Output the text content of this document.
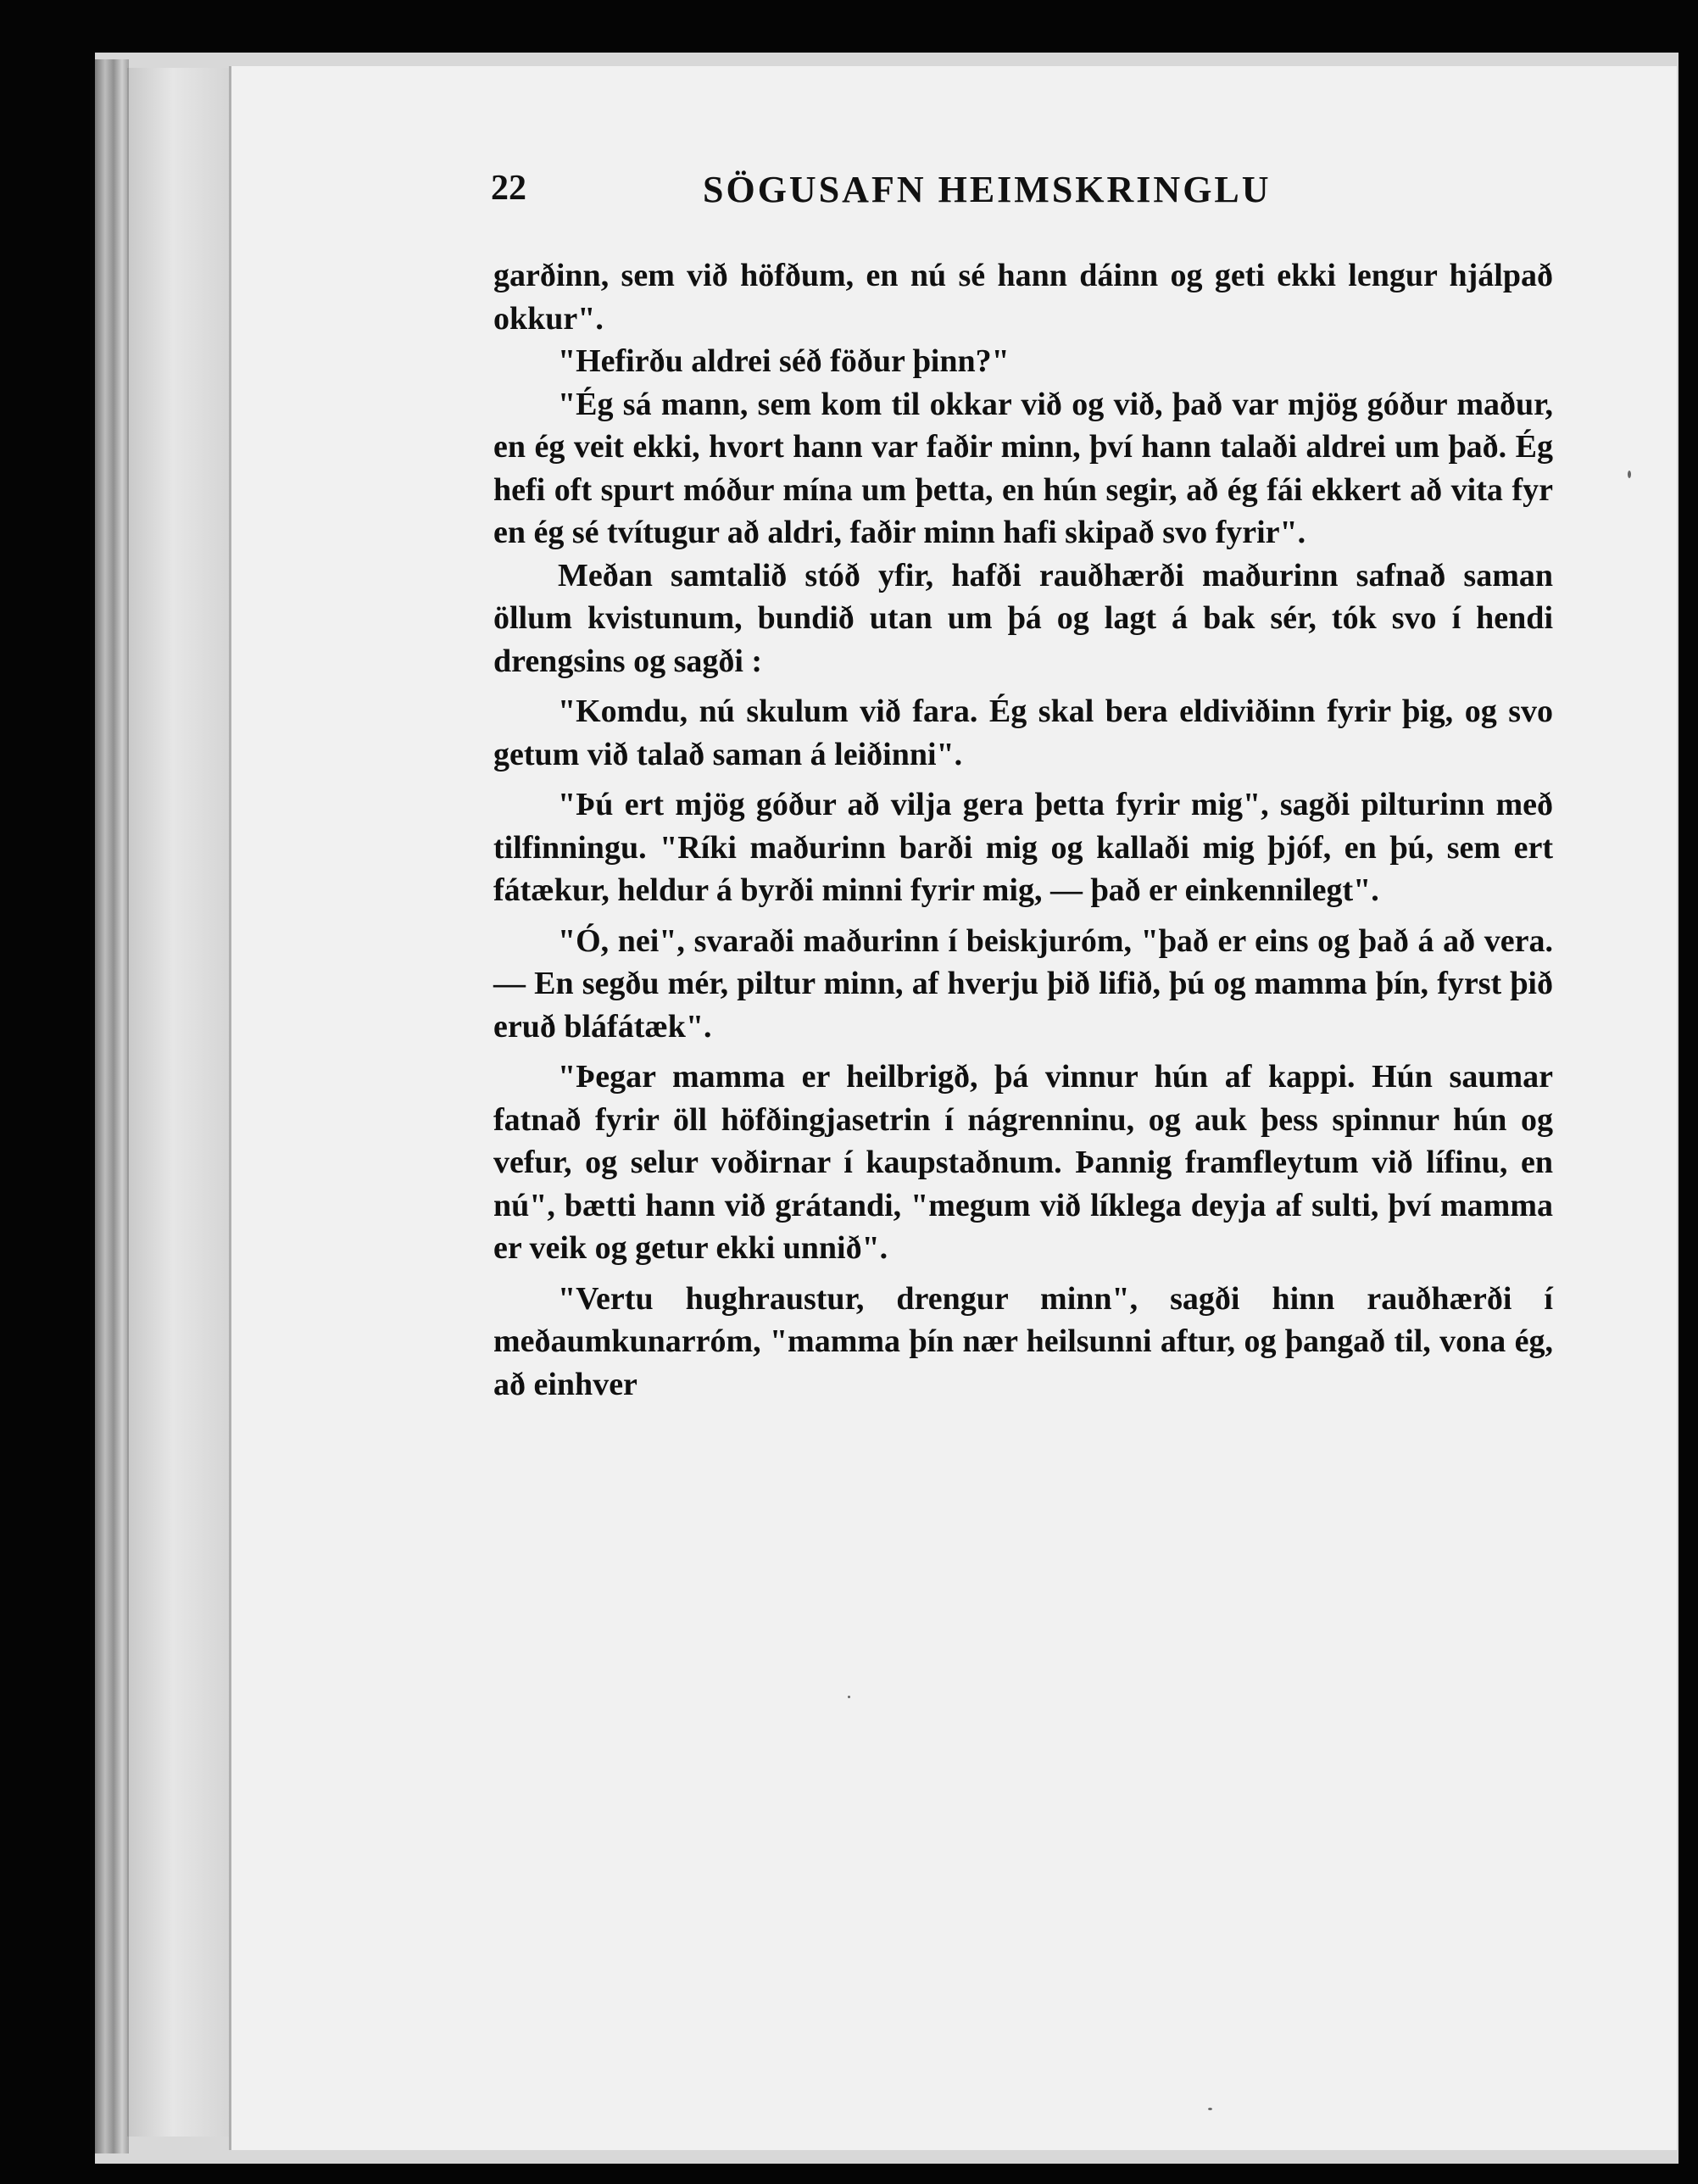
22	SÖGUSAFN HEIMSKRINGLU

garðinn, sem við höfðum, en nú sé hann dáinn og geti ekki lengur hjálpað okkur".

"Hefirðu aldrei séð föður þinn?"

"Ég sá mann, sem kom til okkar við og við, það var mjög góður maður, en ég veit ekki, hvort hann var faðir minn, því hann talaði aldrei um það. Ég hefi oft spurt móður mína um þetta, en hún segir, að ég fái ekkert að vita fyr en ég sé tvítugur að aldri, faðir minn hafi skipað svo fyrir".

Meðan samtalið stóð yfir, hafði rauðhærði maðurinn safnað saman öllum kvistunum, bundið utan um þá og lagt á bak sér, tók svo í hendi drengsins og sagði :

"Komdu, nú skulum við fara. Ég skal bera eldiviðinn fyrir þig, og svo getum við talað saman á leiðinni".

"Þú ert mjög góður að vilja gera þetta fyrir mig", sagði pilturinn með tilfinningu. "Ríki maðurinn barði mig og kallaði mig þjóf, en þú, sem ert fátækur, heldur á byrði minni fyrir mig, — það er einkennilegt".

"Ó, nei", svaraði maðurinn í beiskjuróm, "það er eins og það á að vera. — En segðu mér, piltur minn, af hverju þið lifið, þú og mamma þín, fyrst þið eruð bláfátæk".

"Þegar mamma er heilbrigð, þá vinnur hún af kappi. Hún saumar fatnað fyrir öll höfðingjasetrin í nágrenninu, og auk þess spinnur hún og vefur, og selur voðirnar í kaupstaðnum. Þannig framfleytum við lífinu, en nú", bætti hann við grátandi, "megum við líklega deyja af sulti, því mamma er veik og getur ekki unnið".

"Vertu hughraustur, drengur minn", sagði hinn rauðhærði í meðaumkunarróm, "mamma þín nær heilsunni aftur, og þangað til, vona ég, að einhver
